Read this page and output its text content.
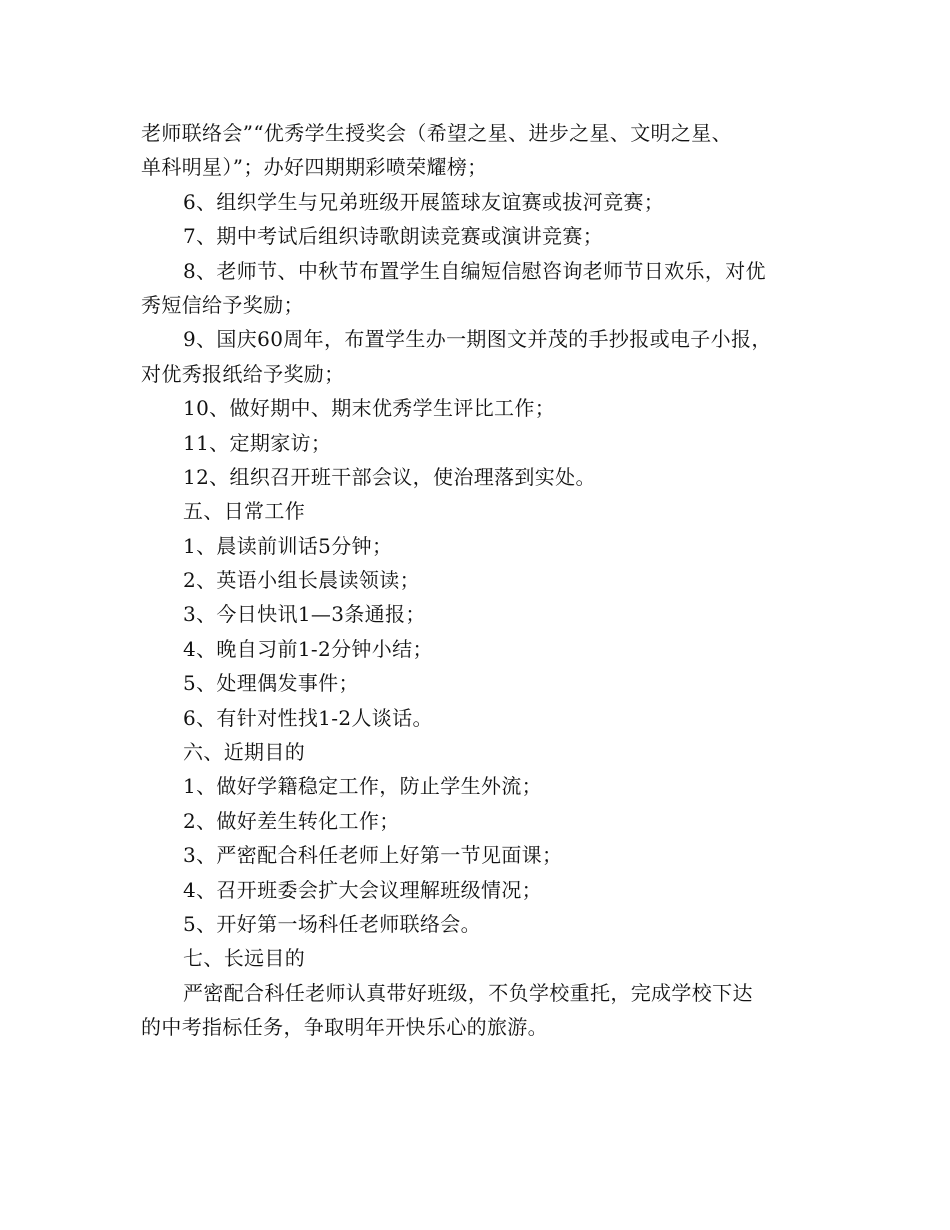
老师联络会”“优秀学生授奖会（希望之星、进步之星、文明之星、
单科明星）”；办好四期期彩喷荣耀榜；
6、组织学生与兄弟班级开展篮球友谊赛或拔河竞赛；
7、期中考试后组织诗歌朗读竞赛或演讲竞赛；
8、老师节、中秋节布置学生自编短信慰咨询老师节日欢乐，对优
秀短信给予奖励；
9、国庆60周年，布置学生办一期图文并茂的手抄报或电子小报，
对优秀报纸给予奖励；
10、做好期中、期末优秀学生评比工作；
11、定期家访；
12、组织召开班干部会议，使治理落到实处。
五、日常工作
1、晨读前训话5分钟；
2、英语小组长晨读领读；
3、今日快讯1—3条通报；
4、晚自习前1-2分钟小结；
5、处理偶发事件；
6、有针对性找1-2人谈话。
六、近期目的
1、做好学籍稳定工作，防止学生外流；
2、做好差生转化工作；
3、严密配合科任老师上好第一节见面课；
4、召开班委会扩大会议理解班级情况；
5、开好第一场科任老师联络会。
七、长远目的
严密配合科任老师认真带好班级，不负学校重托，完成学校下达
的中考指标任务，争取明年开快乐心的旅游。
